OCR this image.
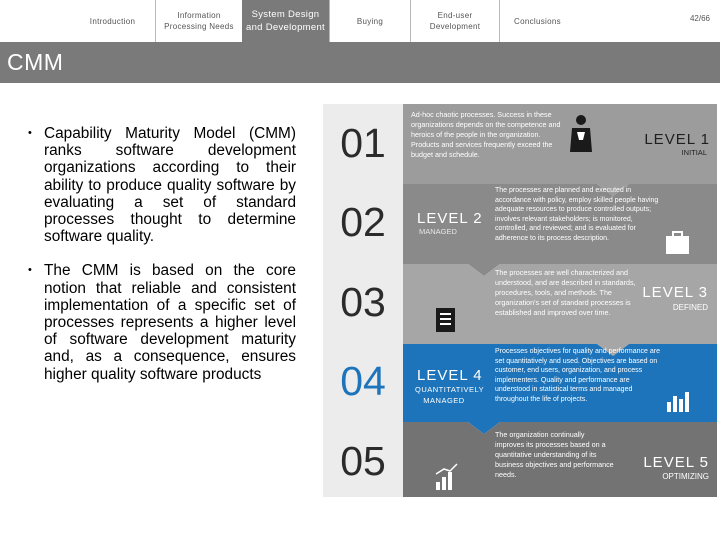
Introduction
Information
Processing Needs
System Design
and Development
Buying
End-user
Development
Conclusions	42/66
CMM
• Capability Maturity Model (CMM) ranks software development organizations according to their ability to produce quality software by evaluating a set of standard processes thought to determine software quality.
• The CMM is based on the core notion that reliable and consistent implementation of a specific set of processes represents a higher level of software development maturity and, as a consequence, ensures higher quality software products
01
02
03
04
05
Ad-hoc chaotic processes. Success in these organizations depends on the competence and heroics of the people in the organization. Products and services frequently exceed the budget and schedule.
LEVEL 1
INITIAL
LEVEL 2
MANAGED
The processes are planned and executed in accordance with policy, employ skilled people having adequate resources to produce controlled outputs; involves relevant stakeholders; is monitored, controlled, and reviewed; and is evaluated for adherence to its process description.
The processes are well characterized and understood, and are described in standards, procedures, tools, and methods. The organization's set of standard processes is established and improved over time.
LEVEL 3
DEFINED
LEVEL 4
QUANTITATIVELY MANAGED
Processes objectives for quality and performance are set quantitatively and used. Objectives are based on customer, end users, organization, and process implementers. Quality and performance are understood in statistical terms and managed throughout the life of projects.
The organization continually improves its processes based on a quantitative understanding of its business objectives and performance needs.
LEVEL 5
OPTIMIZING
